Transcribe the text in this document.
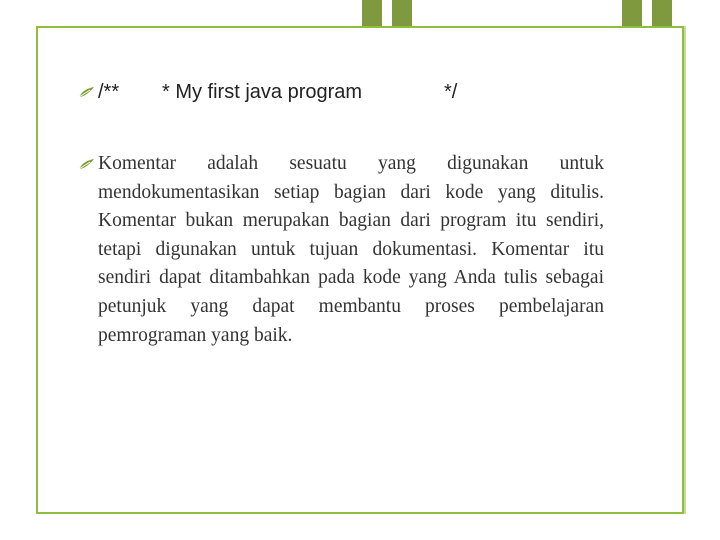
/**	* My first java program	*/
Komentar adalah sesuatu yang digunakan untuk mendokumentasikan setiap bagian dari kode yang ditulis. Komentar bukan merupakan bagian dari program itu sendiri, tetapi digunakan untuk tujuan dokumentasi. Komentar itu sendiri dapat ditambahkan pada kode yang Anda tulis sebagai petunjuk yang dapat membantu proses pembelajaran pemrograman yang baik.
